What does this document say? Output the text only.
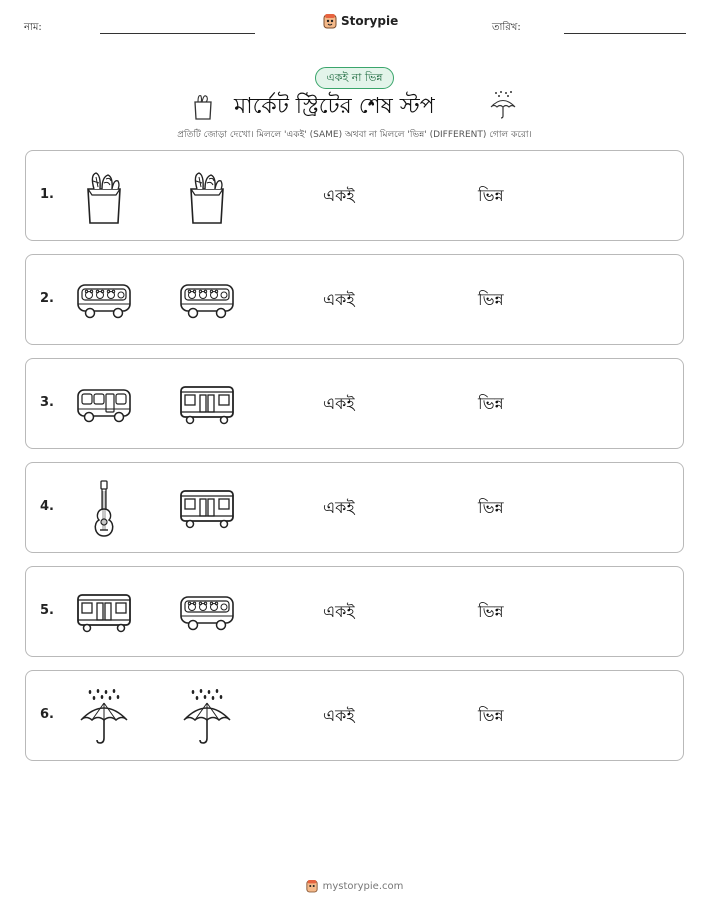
নাম:	Storypie	তারিখ:
একই না ভিন্ন
মার্কেট স্ট্রিটের শেষ স্টপ
প্রতিটি জোড়া দেখো। মিললে 'একই' (SAME) অথবা না মিললে 'ভিন্ন' (DIFFERENT) গোল করো।
1.	একই	ভিন্ন
2.	একই	ভিন্ন
3.	একই	ভিন্ন
4.	একই	ভিন্ন
5.	একই	ভিন্ন
6.	একই	ভিন্ন
mystorypie.com
